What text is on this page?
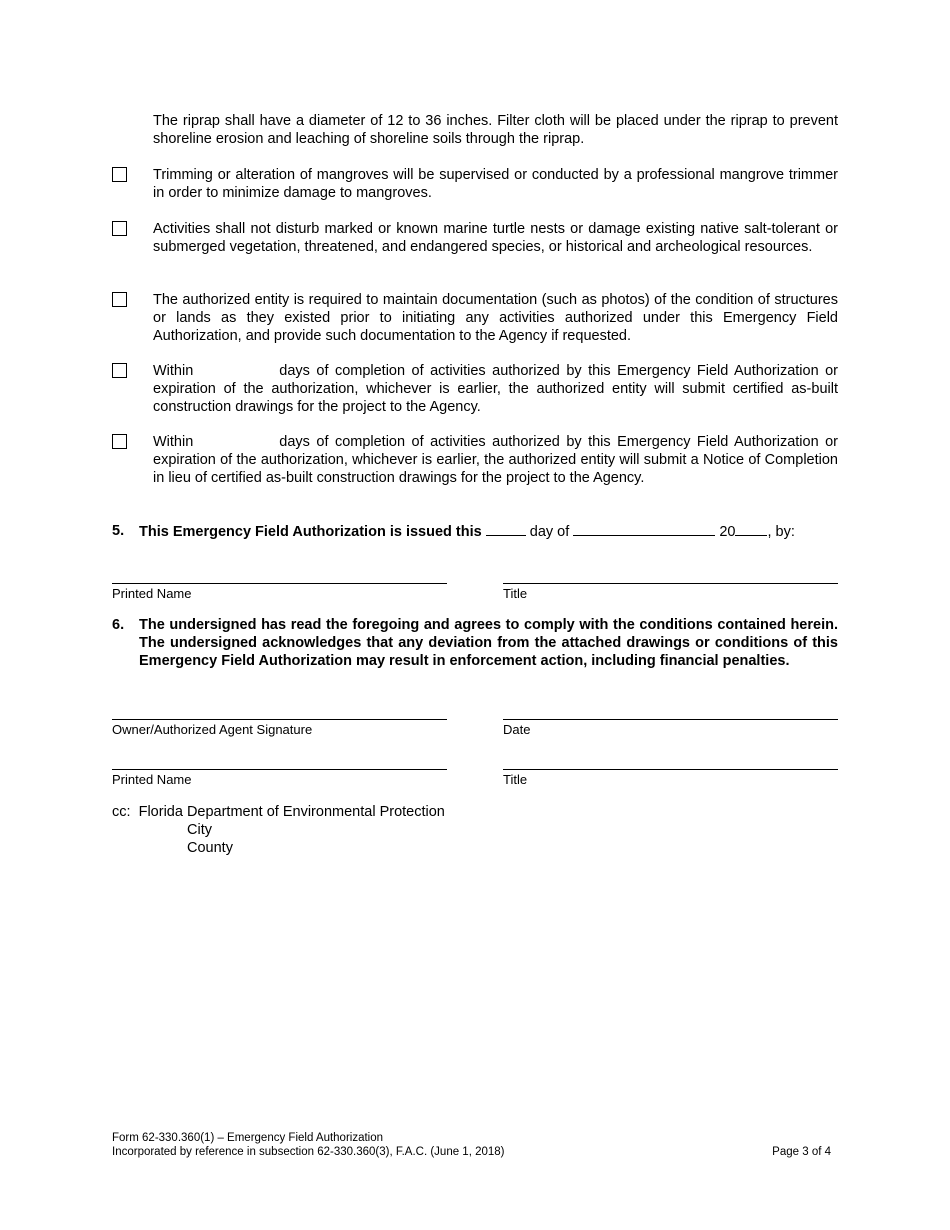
The riprap shall have a diameter of 12 to 36 inches. Filter cloth will be placed under the riprap to prevent shoreline erosion and leaching of shoreline soils through the riprap.
Trimming or alteration of mangroves will be supervised or conducted by a professional mangrove trimmer in order to minimize damage to mangroves.
Activities shall not disturb marked or known marine turtle nests or damage existing native salt-tolerant or submerged vegetation, threatened, and endangered species, or historical and archeological resources.
The authorized entity is required to maintain documentation (such as photos) of the condition of structures or lands as they existed prior to initiating any activities authorized under this Emergency Field Authorization, and provide such documentation to the Agency if requested.
Within	days of completion of activities authorized by this Emergency Field Authorization or expiration of the authorization, whichever is earlier, the authorized entity will submit certified as-built construction drawings for the project to the Agency.
Within	days of completion of activities authorized by this Emergency Field Authorization or expiration of the authorization, whichever is earlier, the authorized entity will submit a Notice of Completion in lieu of certified as-built construction drawings for the project to the Agency.
5. This Emergency Field Authorization is issued this	day of	20 , by:
Printed Name	Title
6. The undersigned has read the foregoing and agrees to comply with the conditions contained herein. The undersigned acknowledges that any deviation from the attached drawings or conditions of this Emergency Field Authorization may result in enforcement action, including financial penalties.
Owner/Authorized Agent Signature	Date
Printed Name	Title
cc: Florida Department of Environmental Protection
City
County
Form 62-330.360(1) – Emergency Field Authorization
Incorporated by reference in subsection 62-330.360(3), F.A.C. (June 1, 2018)	Page 3 of 4
